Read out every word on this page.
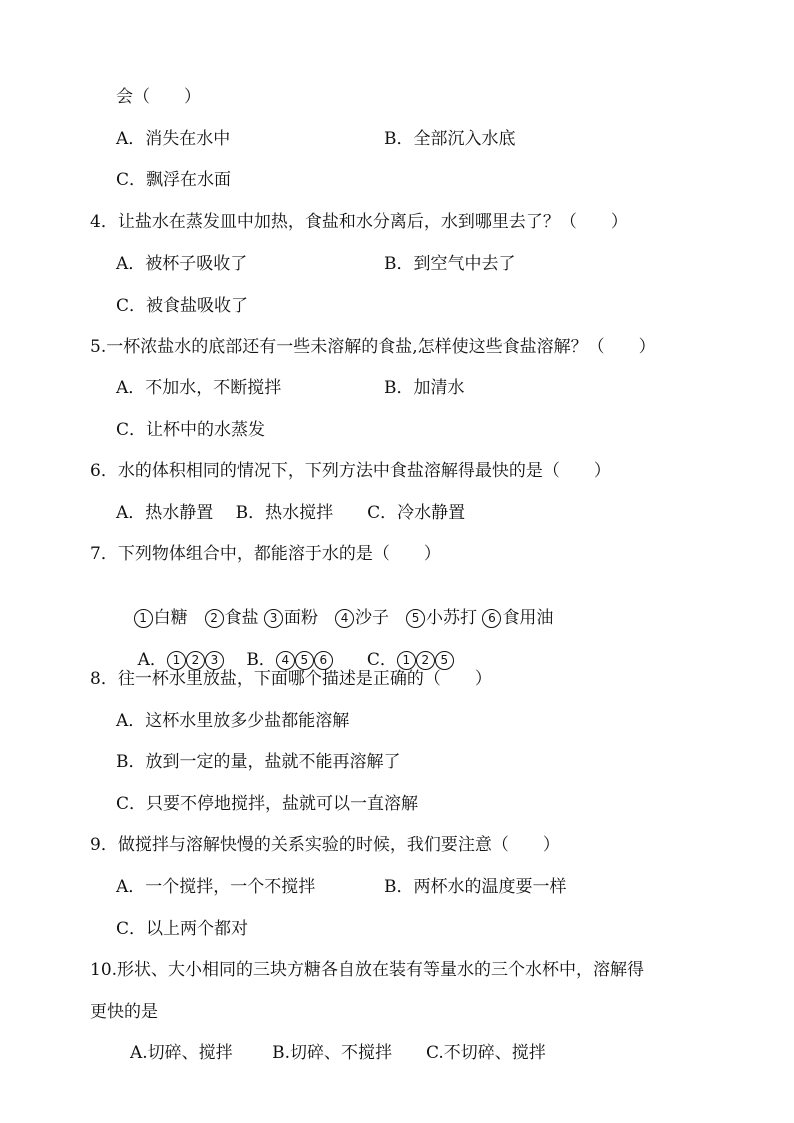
会（　　）
A．消失在水中	B．全部沉入水底
C．飘浮在水面
4．让盐水在蒸发皿中加热，食盐和水分离后，水到哪里去了？（　　）
A．被杯子吸收了	B．到空气中去了
C．被食盐吸收了
5.一杯浓盐水的底部还有一些未溶解的食盐,怎样使这些食盐溶解？（　　）
A．不加水，不断搅拌	B．加清水
C．让杯中的水蒸发
6．水的体积相同的情况下，下列方法中食盐溶解得最快的是（　　）
A．热水静置　 B．热水搅拌　　C．冷水静置
7．下列物体组合中，都能溶于水的是（　　）

1 白糖　 2 食盐 3 面粉　 4 沙子　 5 小苏打 6 食用油

A． 1 2 3　 B． 4 5 6　　 C． 1 2 5

8．往一杯水里放盐，下面哪个描述是正确的（　　）
A．这杯水里放多少盐都能溶解
B．放到一定的量，盐就不能再溶解了
C．只要不停地搅拌，盐就可以一直溶解
9．做搅拌与溶解快慢的关系实验的时候，我们要注意（　　）
A．一个搅拌，一个不搅拌	B．两杯水的温度要一样
C．以上两个都对
10.形状、大小相同的三块方糖各自放在装有等量水的三个水杯中，溶解得
更快的是
A.切碎、搅拌　　 B.切碎、不搅拌　　C.不切碎、搅拌
